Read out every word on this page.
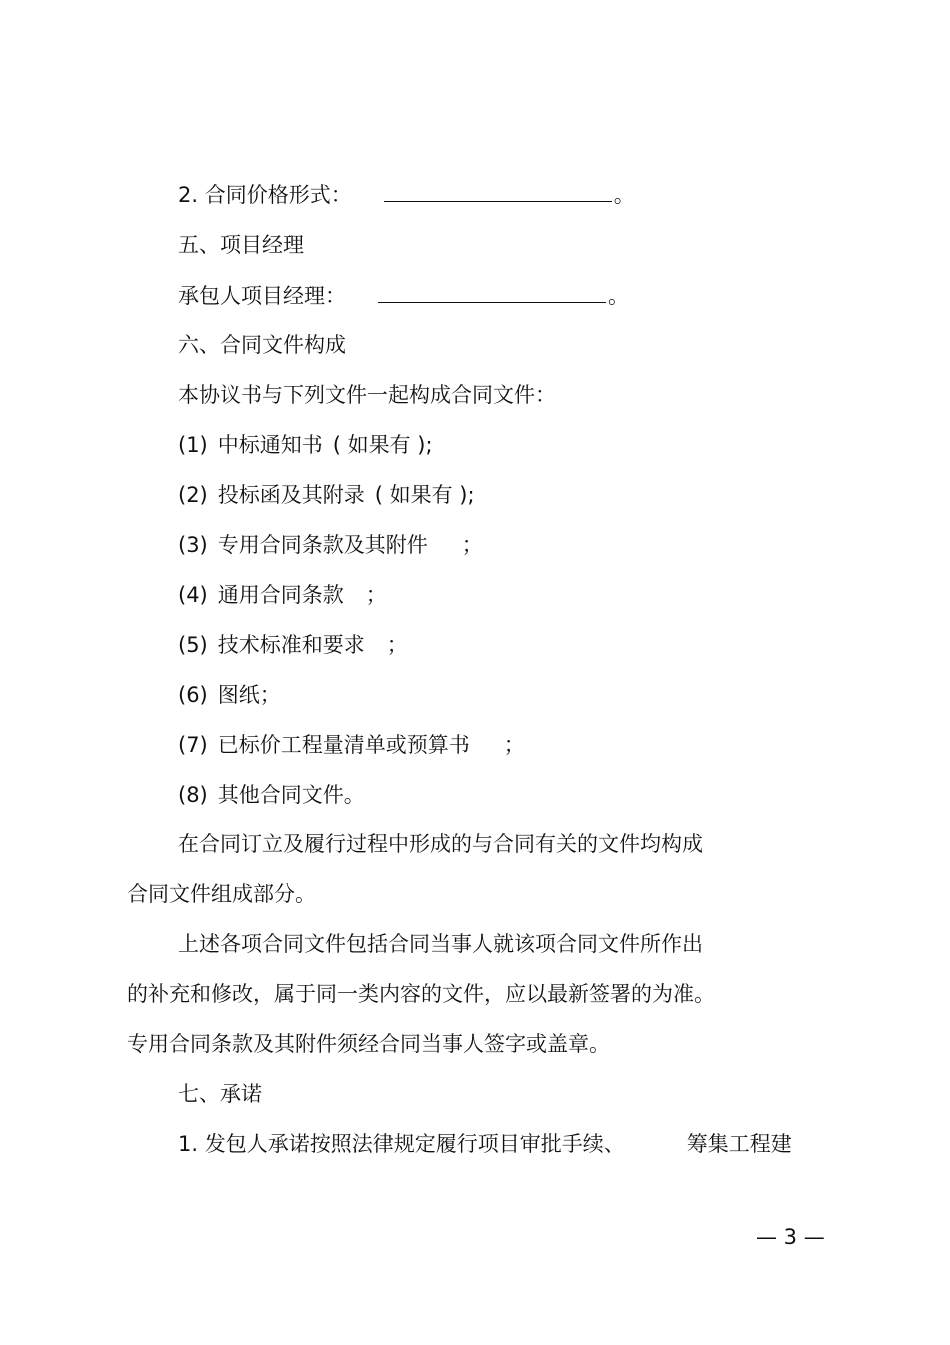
2. 合同价格形式：	。
五、项目经理
承包人项目经理：	。
六、合同文件构成
本协议书与下列文件一起构成合同文件：
(1) 中标通知书 ( 如果有 );
(2) 投标函及其附录 ( 如果有 );
(3) 专用合同条款及其附件 ；
(4) 通用合同条款 ；
(5) 技术标准和要求 ；
(6) 图纸；
(7) 已标价工程量清单或预算书 ；
(8) 其他合同文件。
在合同订立及履行过程中形成的与合同有关的文件均构成
合同文件组成部分。
上述各项合同文件包括合同当事人就该项合同文件所作出
的补充和修改，属于同一类内容的文件，应以最新签署的为准。
专用合同条款及其附件须经合同当事人签字或盖章。
七、承诺
1. 发包人承诺按照法律规定履行项目审批手续、	筹集工程建
— 3 —
